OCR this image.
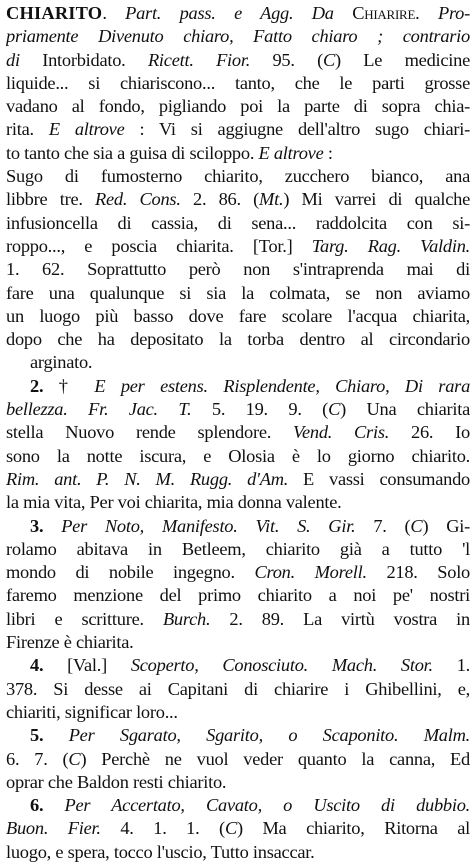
CHIARITO. Part. pass. e Agg. Da Chiarire. Pro-
priamente Divenuto chiaro, Fatto chiaro ; contrario
di Intorbidato. Ricett. Fior. 95. (C) Le medicine
liquide... si chiariscono... tanto, che le parti grosse
vadano al fondo, pigliando poi la parte di sopra chia-
rita. E altrove : Vi si aggiugne dell'altro sugo chiari-
to tanto che sia a guisa di sciloppo. E altrove :
Sugo di fumosterno chiarito, zucchero bianco, ana
libbre tre. Red. Cons. 2. 86. (Mt.) Mi varrei di qualche
infusioncella di cassia, di sena... raddolcita con si-
roppo..., e poscia chiarita. [Tor.] Targ. Rag. Valdin.
1. 62. Soprattutto però non s'intraprenda mai di
fare una qualunque si sia la colmata, se non aviamo
un luogo più basso dove fare scolare l'acqua chiarita,
dopo che ha depositato la torba dentro al circondario
arginato.
2. † E per estens. Risplendente, Chiaro, Di rara
bellezza. Fr. Jac. T. 5. 19. 9. (C) Una chiarita
stella Nuovo rende splendore. Vend. Cris. 26. Io
sono la notte iscura, e Olosia è lo giorno chiarito.
Rim. ant. P. N. M. Rugg. d'Am. E vassi consumando
la mia vita, Per voi chiarita, mia donna valente.
3. Per Noto, Manifesto. Vit. S. Gir. 7. (C) Gi-
rolamo abitava in Betleem, chiarito già a tutto 'l
mondo di nobile ingegno. Cron. Morell. 218. Solo
faremo menzione del primo chiarito a noi pe' nostri
libri e scritture. Burch. 2. 89. La virtù vostra in
Firenze è chiarita.
4. [Val.] Scoperto, Conosciuto. Mach. Stor. 1.
378. Si desse ai Capitani di chiarire i Ghibellini, e,
chiariti, significar loro...
5. Per Sgarato, Sgarito, o Scaponito. Malm.
6. 7. (C) Perchè ne vuol veder quanto la canna, Ed
oprar che Baldon resti chiarito.
6. Per Accertato, Cavato, o Uscito di dubbio.
Buon. Fier. 4. 1. 1. (C) Ma chiarito, Ritorna al
luogo, e spera, tocco l'uscio, Tutto insaccar.
